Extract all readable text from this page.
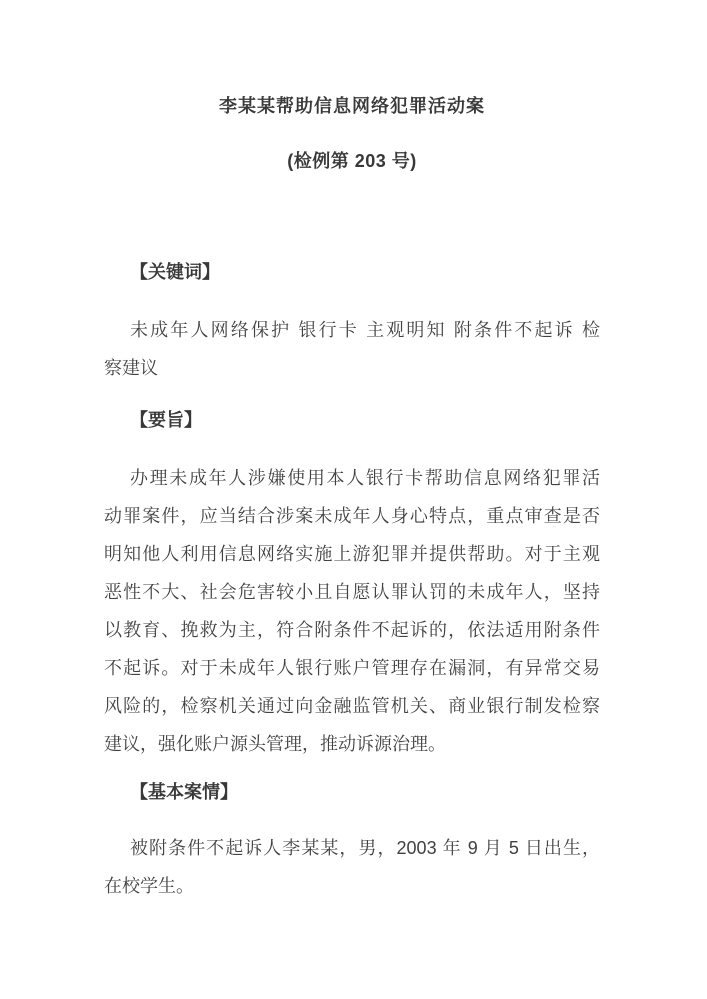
李某某帮助信息网络犯罪活动案
(检例第 203 号)
【关键词】
未成年人网络保护 银行卡 主观明知 附条件不起诉 检
察建议
【要旨】
办理未成年人涉嫌使用本人银行卡帮助信息网络犯罪活
动罪案件，应当结合涉案未成年人身心特点，重点审查是否
明知他人利用信息网络实施上游犯罪并提供帮助。对于主观
恶性不大、社会危害较小且自愿认罪认罚的未成年人，坚持
以教育、挽救为主，符合附条件不起诉的，依法适用附条件
不起诉。对于未成年人银行账户管理存在漏洞，有异常交易
风险的，检察机关通过向金融监管机关、商业银行制发检察
建议，强化账户源头管理，推动诉源治理。
【基本案情】
被附条件不起诉人李某某，男，2003 年 9 月 5 日出生，
在校学生。
